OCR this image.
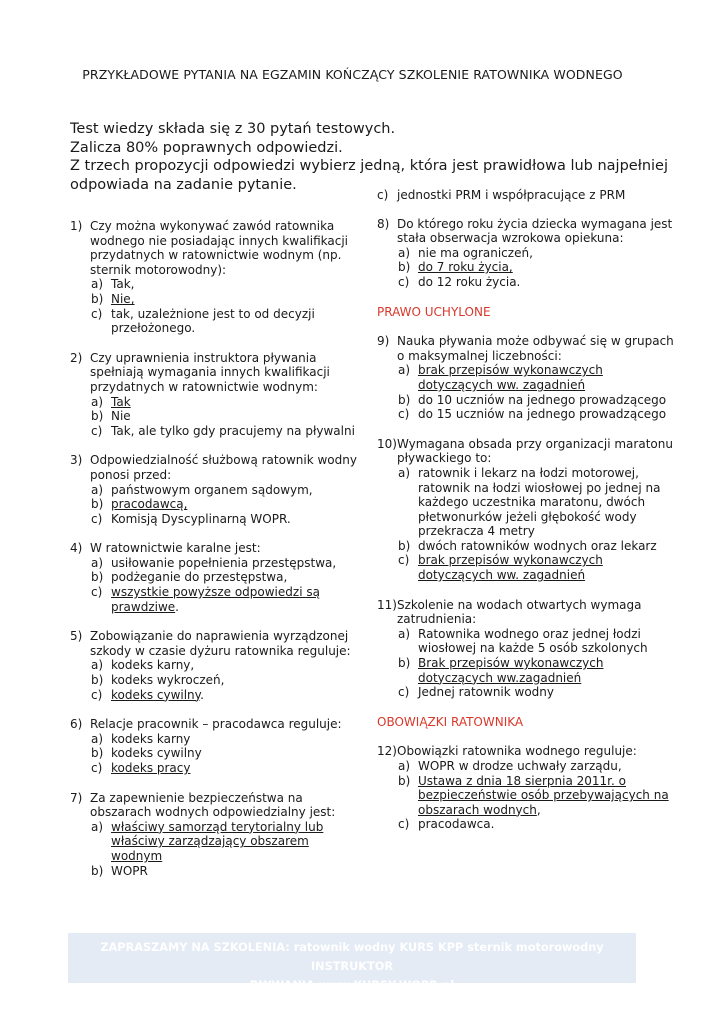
PRZYKŁADOWE PYTANIA NA EGZAMIN KOŃCZĄCY SZKOLENIE RATOWNIKA WODNEGO
Test wiedzy składa się z 30 pytań testowych.
Zalicza 80% poprawnych odpowiedzi.
Z trzech propozycji odpowiedzi wybierz jedną, która jest prawidłowa lub najpełniej
odpowiada na zadanie pytanie.
1) Czy można wykonywać zawód ratownika wodnego nie posiadając innych kwalifikacji przydatnych w ratownictwie wodnym (np. sternik motorowodny):
a) Tak,
b) Nie,
c) tak, uzależnione jest to od decyzji przełożonego.
2) Czy uprawnienia instruktora pływania spełniają wymagania innych kwalifikacji przydatnych w ratownictwie wodnym:
a) Tak
b) Nie
c) Tak, ale tylko gdy pracujemy na pływalni
3) Odpowiedzialność służbową ratownik wodny ponosi przed:
a) państwowym organem sądowym,
b) pracodawcą,
c) Komisją Dyscyplinarną WOPR.
4) W ratownictwie karalne jest:
a) usiłowanie popełnienia przestępstwa,
b) podżeganie do przestępstwa,
c) wszystkie powyższe odpowiedzi są prawdziwe.
5) Zobowiązanie do naprawienia wyrządzonej szkody w czasie dyżuru ratownika reguluje:
a) kodeks karny,
b) kodeks wykroczeń,
c) kodeks cywilny.
6) Relacje pracownik – pracodawca reguluje:
a) kodeks karny
b) kodeks cywilny
c) kodeks pracy
7) Za zapewnienie bezpieczeństwa na obszarach wodnych odpowiedzialny jest:
a) właściwy samorząd terytorialny lub właściwy zarządzający obszarem wodnym
b) WOPR
c) jednostki PRM i współpracujące z PRM
8) Do którego roku życia dziecka wymagana jest stała obserwacja wzrokowa opiekuna:
a) nie ma ograniczeń,
b) do 7 roku życia,
c) do 12 roku życia.
PRAWO UCHYLONE
9) Nauka pływania może odbywać się w grupach o maksymalnej liczebności:
a) brak przepisów wykonawczych dotyczących ww. zagadnień
b) do 10 uczniów na jednego prowadzącego
c) do 15 uczniów na jednego prowadzącego
10) Wymagana obsada przy organizacji maratonu pływackiego to:
a) ratownik i lekarz na łodzi motorowej, ratownik na łodzi wiosłowej po jednej na każdego uczestnika maratonu, dwóch płetwonurków jeżeli głębokość wody przekracza 4 metry
b) dwóch ratowników wodnych oraz lekarz
c) brak przepisów wykonawczych dotyczących ww. zagadnień
11) Szkolenie na wodach otwartych wymaga zatrudnienia:
a) Ratownika wodnego oraz jednej łodzi wiosłowej na każde 5 osób szkolonych
b) Brak przepisów wykonawczych dotyczących ww.zagadnień
c) Jednej ratownik wodny
OBOWIĄZKI RATOWNIKA
12) Obowiązki ratownika wodnego reguluje:
a) WOPR w drodze uchwały zarządu,
b) Ustawa z dnia 18 sierpnia 2011r. o bezpieczeństwie osób przebywających na obszarach wodnych,
c) pracodawca.
ZAPRASZAMY NA SZKOLENIA: ratownik wodny KURS KPP sternik motorowodny INSTRUKTOR
PŁYWANIA www.KURSY-WOPR.pl
